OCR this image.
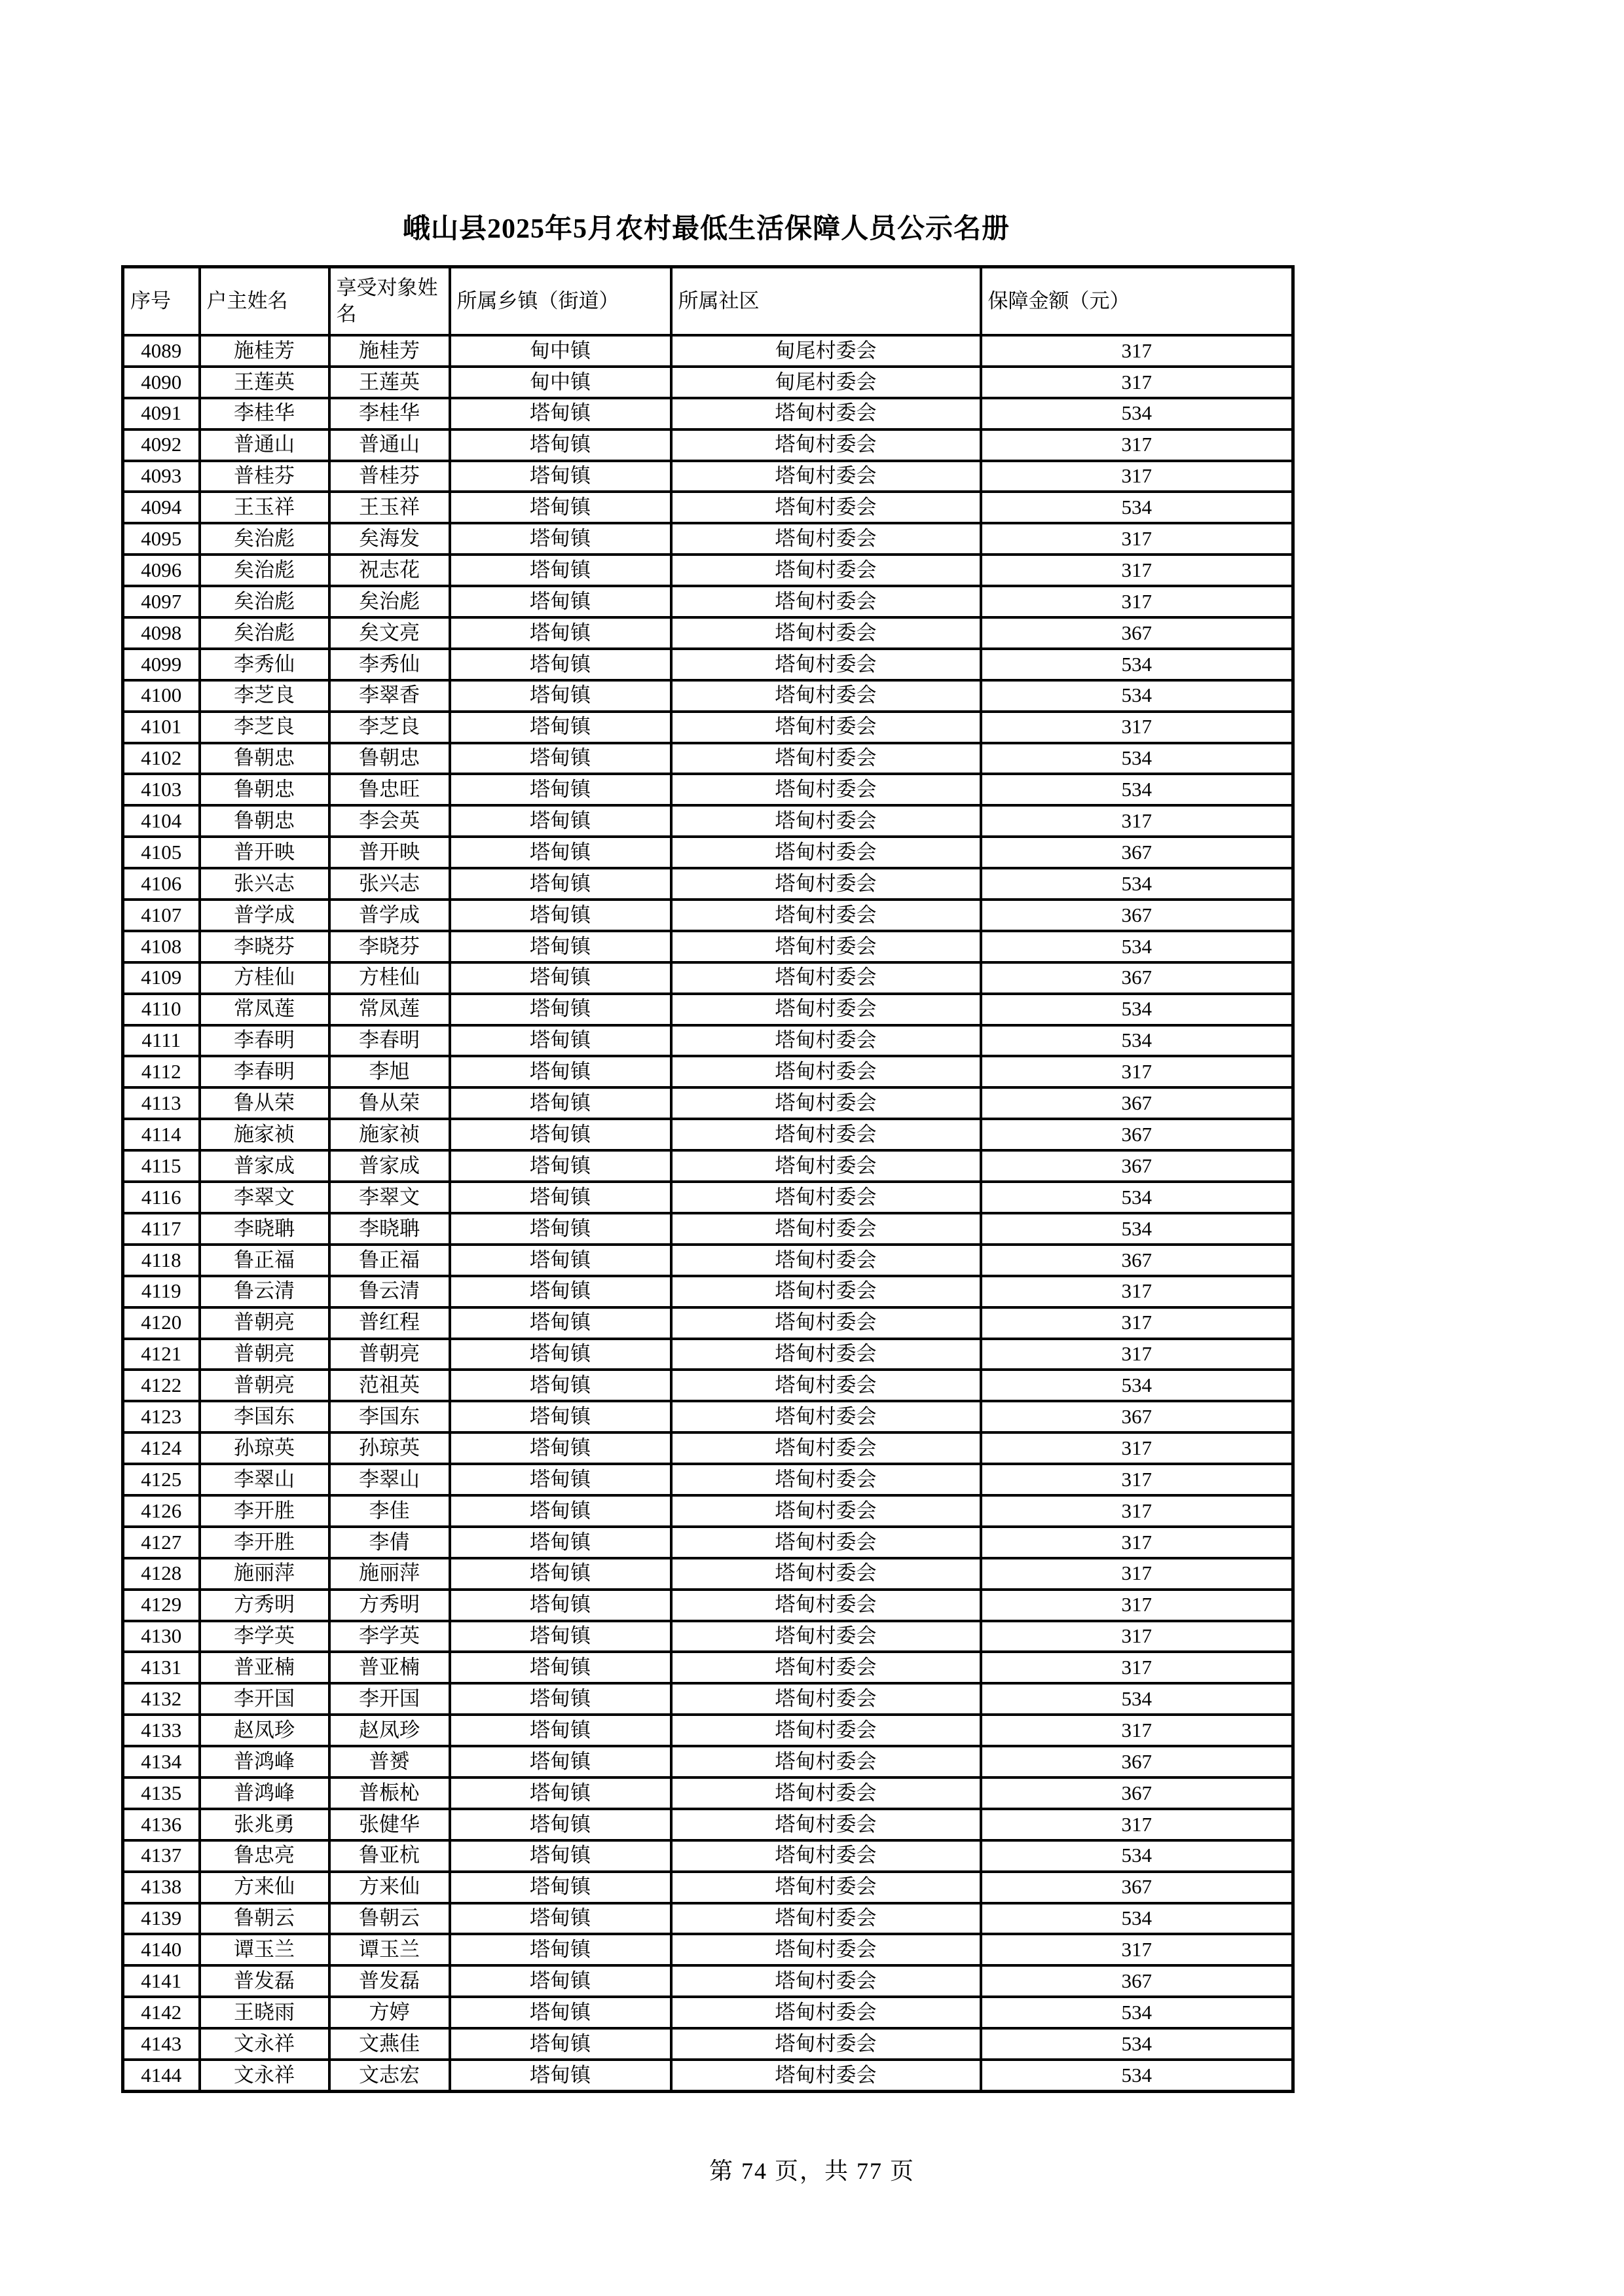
峨山县2025年5月农村最低生活保障人员公示名册
序号	户主姓名	享受对象姓名	所属乡镇（街道）	所属社区	保障金额（元）
4089	施桂芳	施桂芳	甸中镇	甸尾村委会	317
4090	王莲英	王莲英	甸中镇	甸尾村委会	317
4091	李桂华	李桂华	塔甸镇	塔甸村委会	534
4092	普通山	普通山	塔甸镇	塔甸村委会	317
4093	普桂芬	普桂芬	塔甸镇	塔甸村委会	317
4094	王玉祥	王玉祥	塔甸镇	塔甸村委会	534
4095	矣治彪	矣海发	塔甸镇	塔甸村委会	317
4096	矣治彪	祝志花	塔甸镇	塔甸村委会	317
4097	矣治彪	矣治彪	塔甸镇	塔甸村委会	317
4098	矣治彪	矣文亮	塔甸镇	塔甸村委会	367
4099	李秀仙	李秀仙	塔甸镇	塔甸村委会	534
4100	李芝良	李翠香	塔甸镇	塔甸村委会	534
4101	李芝良	李芝良	塔甸镇	塔甸村委会	317
4102	鲁朝忠	鲁朝忠	塔甸镇	塔甸村委会	534
4103	鲁朝忠	鲁忠旺	塔甸镇	塔甸村委会	534
4104	鲁朝忠	李会英	塔甸镇	塔甸村委会	317
4105	普开映	普开映	塔甸镇	塔甸村委会	367
4106	张兴志	张兴志	塔甸镇	塔甸村委会	534
4107	普学成	普学成	塔甸镇	塔甸村委会	367
4108	李晓芬	李晓芬	塔甸镇	塔甸村委会	534
4109	方桂仙	方桂仙	塔甸镇	塔甸村委会	367
4110	常凤莲	常凤莲	塔甸镇	塔甸村委会	534
4111	李春明	李春明	塔甸镇	塔甸村委会	534
4112	李春明	李旭	塔甸镇	塔甸村委会	317
4113	鲁从荣	鲁从荣	塔甸镇	塔甸村委会	367
4114	施家祯	施家祯	塔甸镇	塔甸村委会	367
4115	普家成	普家成	塔甸镇	塔甸村委会	367
4116	李翠文	李翠文	塔甸镇	塔甸村委会	534
4117	李晓聃	李晓聃	塔甸镇	塔甸村委会	534
4118	鲁正福	鲁正福	塔甸镇	塔甸村委会	367
4119	鲁云清	鲁云清	塔甸镇	塔甸村委会	317
4120	普朝亮	普红程	塔甸镇	塔甸村委会	317
4121	普朝亮	普朝亮	塔甸镇	塔甸村委会	317
4122	普朝亮	范祖英	塔甸镇	塔甸村委会	534
4123	李国东	李国东	塔甸镇	塔甸村委会	367
4124	孙琼英	孙琼英	塔甸镇	塔甸村委会	317
4125	李翠山	李翠山	塔甸镇	塔甸村委会	317
4126	李开胜	李佳	塔甸镇	塔甸村委会	317
4127	李开胜	李倩	塔甸镇	塔甸村委会	317
4128	施丽萍	施丽萍	塔甸镇	塔甸村委会	317
4129	方秀明	方秀明	塔甸镇	塔甸村委会	317
4130	李学英	李学英	塔甸镇	塔甸村委会	317
4131	普亚楠	普亚楠	塔甸镇	塔甸村委会	317
4132	李开国	李开国	塔甸镇	塔甸村委会	534
4133	赵凤珍	赵凤珍	塔甸镇	塔甸村委会	317
4134	普鸿峰	普赟	塔甸镇	塔甸村委会	367
4135	普鸿峰	普桭杺	塔甸镇	塔甸村委会	367
4136	张兆勇	张健华	塔甸镇	塔甸村委会	317
4137	鲁忠亮	鲁亚杭	塔甸镇	塔甸村委会	534
4138	方来仙	方来仙	塔甸镇	塔甸村委会	367
4139	鲁朝云	鲁朝云	塔甸镇	塔甸村委会	534
4140	谭玉兰	谭玉兰	塔甸镇	塔甸村委会	317
4141	普发磊	普发磊	塔甸镇	塔甸村委会	367
4142	王晓雨	方婷	塔甸镇	塔甸村委会	534
4143	文永祥	文燕佳	塔甸镇	塔甸村委会	534
4144	文永祥	文志宏	塔甸镇	塔甸村委会	534
第 74 页，共 77 页
